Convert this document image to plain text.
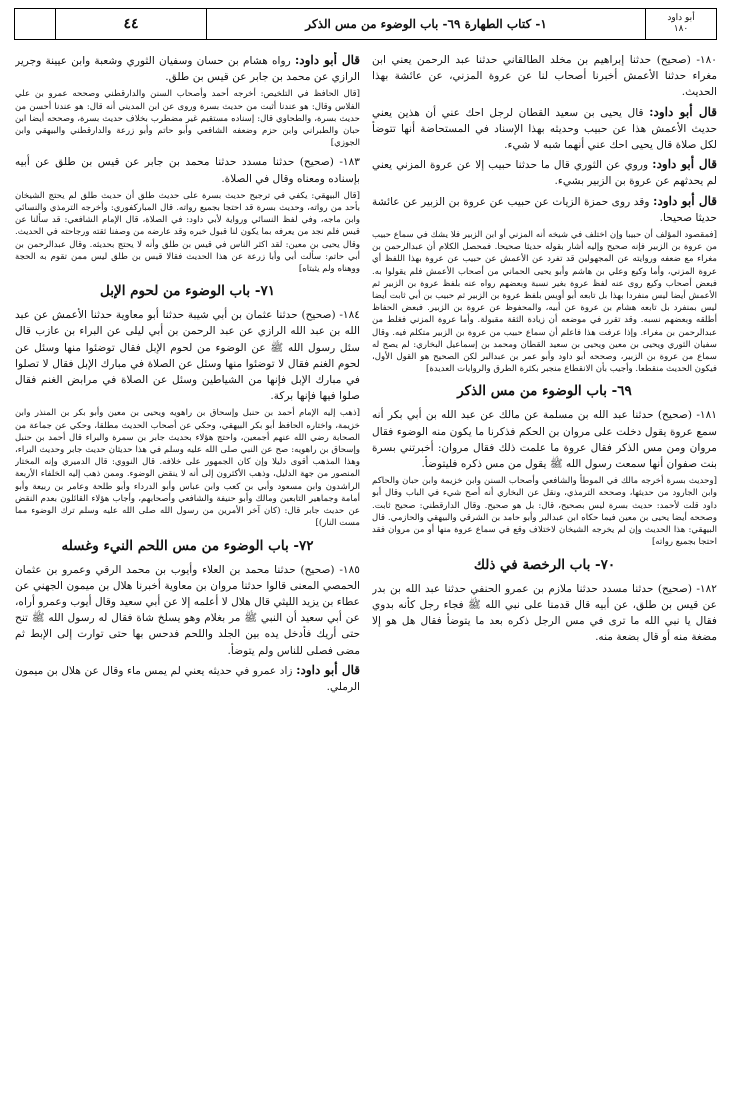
أبو داود
١٨٠
١- كتاب الطهارة ٦٩- باب الوضوء من مس الذكر
٤٤

١٨٠- (صحيح) حدثنا إبراهيم بن مخلد الطالقاني حدثنا عبد الرحمن يعني ابن مغراء حدثنا الأعمش أخبرنا أصحاب لنا عن عروة المزني، عن عائشة بهذا الحديث.

قال أبو داود: قال يحيى بن سعيد القطان لرجل احك عني أن هذين يعني حديث الأعمش هذا عن حبيب وحديثه بهذا الإسناد في المستحاضة أنها تتوضأ لكل صلاة قال يحيى احك عني أنهما شبه لا شيء.

قال أبو داود: وروي عن الثوري قال ما حدثنا حبيب إلا عن عروة المزني يعني لم يحدثهم عن عروة بن الزبير بشيء.

قال أبو داود: وقد روى حمزة الزيات عن حبيب عن عروة بن الزبير عن عائشة حديثا صحيحا.

[فمقصود المؤلف أن حبيبا وإن اختلف في شيخه أنه المزني أو ابن الزبير فلا يشك في سماع حبيب من عروة بن الزبير فإنه صحيح وإليه أشار بقوله حديثا صحيحا. فمحصل الكلام أن عبدالرحمن بن مغراء مع ضعفه وروايته عن المجهولين قد تفرد عن الأعمش عن حبيب عن عروة بهذا اللفظ أي عروة المزني، وأما وكيع وعلي بن هاشم وأبو يحيى الحماني من أصحاب الأعمش فلم يقولوا به. فبعض أصحاب وكيع روى عنه لفظ عروة بغير نسبة وبعضهم رواه عنه بلفظ عروة بن الزبير ثم الأعمش أيضا ليس منفردا بهذا بل تابعه أبو أويس بلفظ عروة بن الزبير ثم حبيب بن أبي ثابت أيضا ليس بمنفرد بل تابعه هشام بن عروة عن أبيه، والمحفوظ عن عروة بن الزبير. فبعض الحفاظ أطلقه وبعضهم نسبه. وقد تقرر في موضعه أن زيادة الثقة مقبولة. وأما عروة المزني فغلط من عبدالرحمن بن مغراء. وإذا عرفت هذا فاعلم أن سماع حبيب من عروة بن الزبير متكلم فيه. وقال سفيان الثوري ويحيى بن معين ويحيى بن سعيد القطان ومحمد بن إسماعيل البخاري: لم يصح له سماع من عروة بن الزبير، وصححه أبو داود وأبو عمر بن عبدالبر لكن الصحيح هو القول الأول، فيكون الحديث منقطعا. وأجيب بأن الانقطاع منجبر بكثرة الطرق والروايات العديدة]

٦٩- باب الوضوء من مس الذكر

١٨١- (صحيح) حدثنا عبد الله بن مسلمة عن مالك عن عبد الله بن أبي بكر أنه سمع عروة يقول دخلت على مروان بن الحكم فذكرنا ما يكون منه الوضوء فقال مروان ومن مس الذكر فقال عروة ما علمت ذلك فقال مروان: أخبرتني بسرة بنت صفوان أنها سمعت رسول الله ﷺ يقول من مس ذكره فليتوضأ.

[وحديث بسرة أخرجه مالك في الموطأ والشافعي وأصحاب السنن وابن خزيمة وابن حبان والحاكم وابن الجارود من حديثها، وصححه الترمذي، ونقل عن البخاري أنه أصح شيء في الباب وقال أبو داود قلت لأحمد: حديث بسرة ليس بصحيح، قال: بل هو صحيح. وقال الدارقطني: صحيح ثابت. وصححه أيضا يحيى بن معين فيما حكاه ابن عبدالبر وأبو حامد بن الشرقي والبيهقي والحازمي. قال البيهقي: هذا الحديث وإن لم يخرجه الشيخان لاختلاف وقع في سماع عروة منها أو من مروان فقد احتجا بجميع رواته]

٧٠- باب الرخصة في ذلك

١٨٢- (صحيح) حدثنا مسدد حدثنا ملازم بن عمرو الحنفي حدثنا عبد الله بن بدر عن قيس بن طلق، عن أبيه قال قدمنا على نبي الله ﷺ فجاء رجل كأنه بدوي فقال يا نبي الله ما ترى في مس الرجل ذكره بعد ما يتوضأ فقال هل هو إلا مضغة منه أو قال بضعة منه.

قال أبو داود: رواه هشام بن حسان وسفيان الثوري وشعبة وابن عيينة وجرير الرازي عن محمد بن جابر عن قيس بن طلق.

[قال الحافظ في التلخيص: أخرجه أحمد وأصحاب السنن والدارقطني وصححه عمرو بن علي الفلاس وقال: هو عندنا أثبت من حديث بسرة وروى عن ابن المديني أنه قال: هو عندنا أحسن من حديث بسرة، والطحاوي قال: إسناده مستقيم غير مضطرب بخلاف حديث بسرة، وصححه أيضا ابن حبان والطبراني وابن حزم وضعفه الشافعي وأبو حاتم وأبو زرعة والدارقطني والبيهقي وابن الجوزي]

١٨٣- (صحيح) حدثنا مسدد حدثنا محمد بن جابر عن قيس بن طلق عن أبيه بإسناده ومعناه وقال في الصلاة.

[قال البيهقي: يكفي في ترجيح حديث بسرة على حديث طلق أن حديث طلق لم يحتج الشيخان بأحد من رواته، وحديث بسرة قد احتجا بجميع رواته. قال المباركفوري: وأخرجه الترمذي والنسائي وابن ماجه، وفي لفظ النسائي ورواية لأبي داود: في الصلاة، قال الإمام الشافعي: قد سألنا عن قيس فلم نجد من يعرفه بما يكون لنا قبول خبره وقد عارضه من وصفنا ثقته ورجاحته في الحديث. وقال يحيى بن معين: لقد اكثر الناس في قيس بن طلق وأنه لا يحتج بحديثه. وقال عبدالرحمن بن أبي حاتم: سألت أبي وأبا زرعة عن هذا الحديث فقالا قيس بن طلق ليس ممن تقوم به الحجة ووهناه ولم يثبتاه]

٧١- باب الوضوء من لحوم الإبل

١٨٤- (صحيح) حدثنا عثمان بن أبي شيبة حدثنا أبو معاوية حدثنا الأعمش عن عبد الله بن عبد الله الرازي عن عبد الرحمن بن أبي ليلى عن البراء بن عازب قال سئل رسول الله ﷺ عن الوضوء من لحوم الإبل فقال توضئوا منها وسئل عن لحوم الغنم فقال لا توضئوا منها وسئل عن الصلاة في مبارك الإبل فقال لا تصلوا في مبارك الإبل فإنها من الشياطين وسئل عن الصلاة في مرابض الغنم فقال صلوا فيها فإنها بركة.

[ذهب إليه الإمام أحمد بن حنبل وإسحاق بن راهويه ويحيى بن معين وأبو بكر بن المنذر وابن خزيمة، واختاره الحافظ أبو بكر البيهقي، وحكي عن أصحاب الحديث مطلقا، وحكي عن جماعة من الصحابة رضي الله عنهم أجمعين، واحتج هؤلاء بحديث جابر بن سمرة والبراء قال أحمد بن حنبل وإسحاق بن راهويه: صح عن النبي صلى الله عليه وسلم في هذا حديثان حديث جابر وحديث البراء، وهذا المذهب أقوى دليلا وإن كان الجمهور على خلافه. قال النووي: قال الدميري وإنه المختار المنصور من جهة الدليل، وذهب الأكثرون إلى أنه لا ينقض الوضوء. وممن ذهب إليه الخلفاء الأربعة الراشدون وابن مسعود وأبي بن كعب وابن عباس وأبو الدرداء وأبو طلحة وعامر بن ربيعة وأبو أمامة وجماهير التابعين ومالك وأبو حنيفة والشافعي وأصحابهم، وأجاب هؤلاء القائلون بعدم النقض عن حديث جابر قال: (كان آخر الأمرين من رسول الله صلى الله عليه وسلم ترك الوضوء مما مست النار)]

٧٢- باب الوضوء من مس اللحم النيء وغسله

١٨٥- (صحيح) حدثنا محمد بن العلاء وأيوب بن محمد الرقي وعمرو بن عثمان الحمصي المعنى قالوا حدثنا مروان بن معاوية أخبرنا هلال بن ميمون الجهني عن عطاء بن يزيد الليثي قال هلال لا أعلمه إلا عن أبي سعيد وقال أيوب وعمرو أراه، عن أبي سعيد أن النبي ﷺ مر بغلام وهو يسلخ شاة فقال له رسول الله ﷺ تنح حتى أريك فأدخل يده بين الجلد واللحم فدحس بها حتى توارت إلى الإبط ثم مضى فصلى للناس ولم يتوضأ.

قال أبو داود: زاد عمرو في حديثه يعني لم يمس ماء وقال عن هلال بن ميمون الرملي.
